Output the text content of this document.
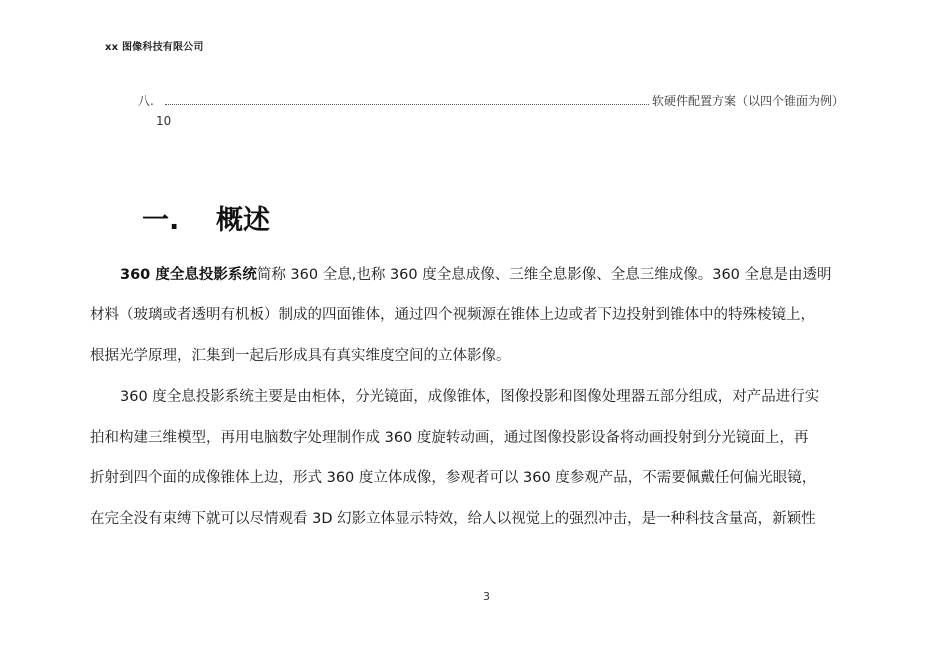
xx 图像科技有限公司
八.	软硬件配置方案（以四个锥面为例）
10
一. 概述
360 度全息投影系统简称 360 全息,也称 360 度全息成像、三维全息影像、全息三维成像。360 全息是由透明
材料（玻璃或者透明有机板）制成的四面锥体，通过四个视频源在锥体上边或者下边投射到锥体中的特殊棱镜上，
根据光学原理，汇集到一起后形成具有真实维度空间的立体影像。
360 度全息投影系统主要是由柜体，分光镜面，成像锥体，图像投影和图像处理器五部分组成，对产品进行实
拍和构建三维模型，再用电脑数字处理制作成 360 度旋转动画，通过图像投影设备将动画投射到分光镜面上，再
折射到四个面的成像锥体上边，形式 360 度立体成像，参观者可以 360 度参观产品，不需要佩戴任何偏光眼镜，
在完全没有束缚下就可以尽情观看 3D 幻影立体显示特效，给人以视觉上的强烈冲击，是一种科技含量高，新颖性
3
